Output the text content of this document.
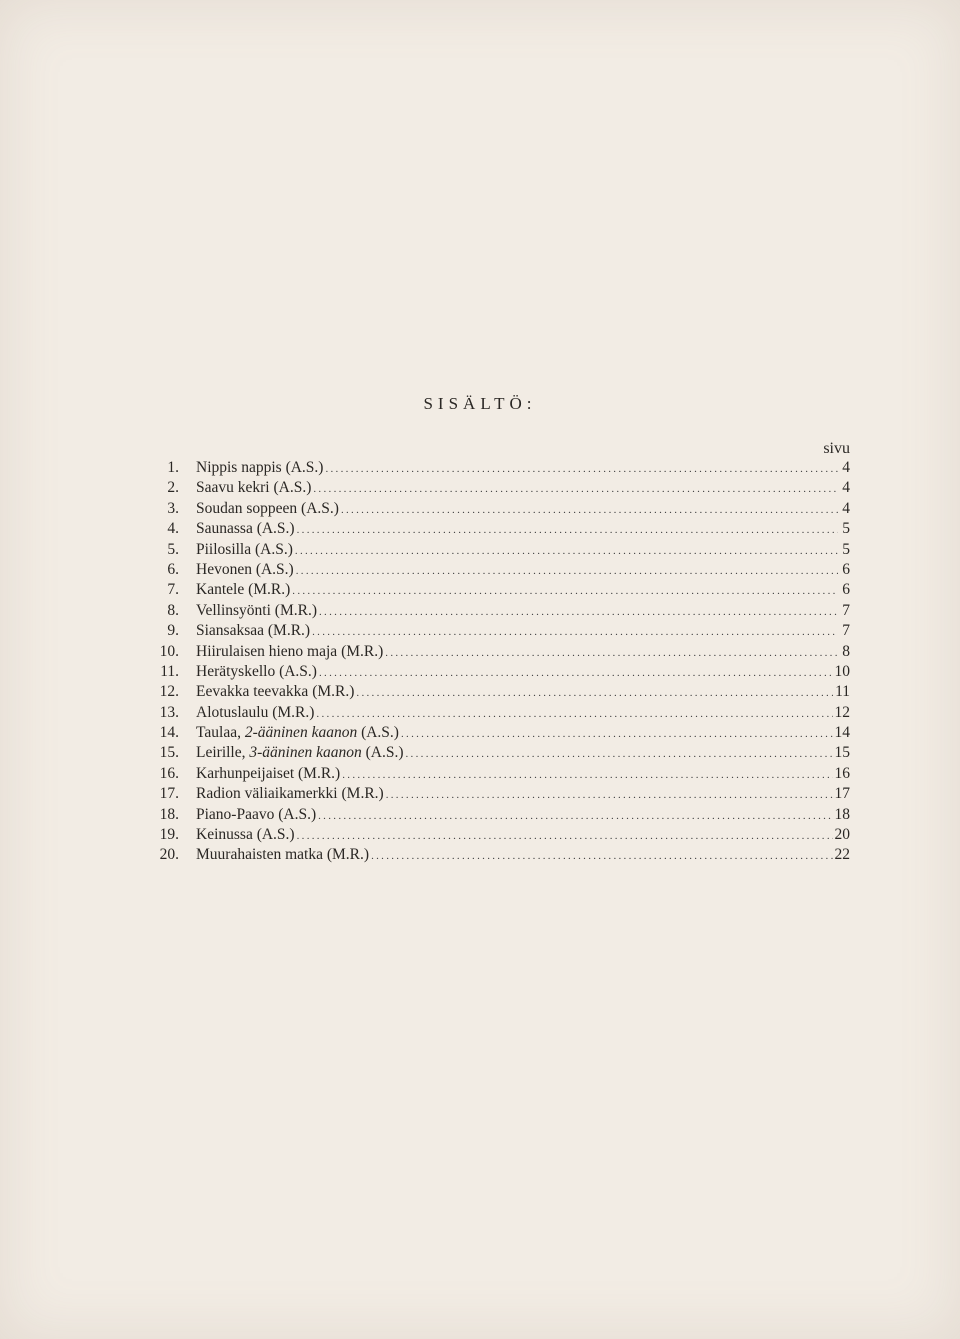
SISÄLTÖ:
sivu
1. Nippis nappis (A.S.) .....	4
2. Saavu kekri (A.S.) .....	4
3. Soudan soppeen (A.S.) .....	4
4. Saunassa (A.S.) .....	5
5. Piilosilla (A.S.) .....	5
6. Hevonen (A.S.) .....	6
7. Kantele (M.R.) .....	6
8. Vellinsyönti (M.R.) .....	7
9. Siansaksaa (M.R.) .....	7
10. Hiirulaisen hieno maja (M.R.) .....	8
11. Herätyskello (A.S.) .....	10
12. Eevakka teevakka (M.R.) .....	11
13. Alotuslaulu (M.R.) .....	12
14. Taulaa, 2-ääninen kaanon (A.S.) .....	14
15. Leirille, 3-ääninen kaanon (A.S.) .....	15
16. Karhunpeijaiset (M.R.) .....	16
17. Radion väliaikamerkki (M.R.) .....	17
18. Piano-Paavo (A.S.) .....	18
19. Keinussa (A.S.) .....	20
20. Muurahaisten matka (M.R.) .....	22
